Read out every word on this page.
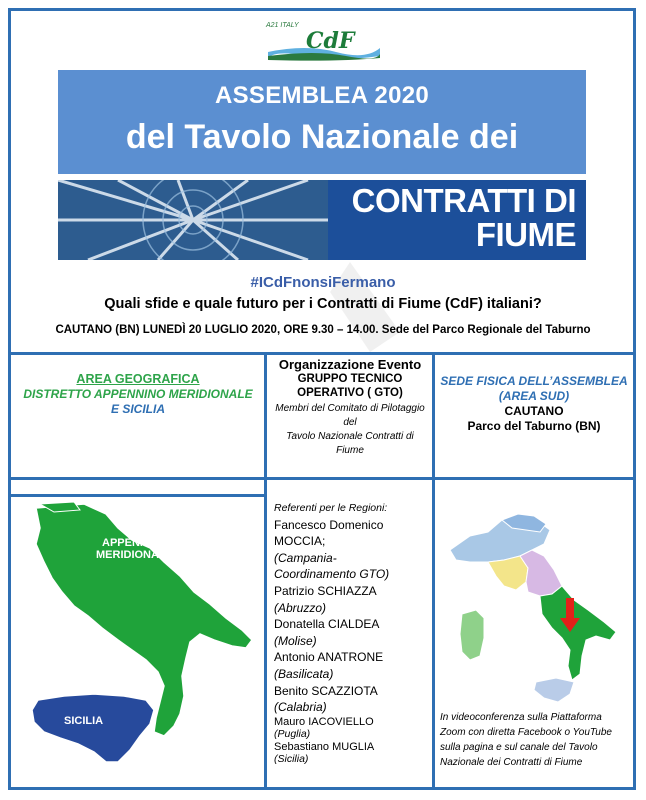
A21 ITALY
CdF
ASSEMBLEA 2020
del Tavolo Nazionale dei
CONTRATTI DI
FIUME
#ICdFnonsiFermano
Quali sfide e quale futuro per i Contratti di Fiume (CdF) italiani?
CAUTANO (BN) LUNEDÌ 20 LUGLIO 2020, ORE 9.30 – 14.00. Sede del Parco Regionale del Taburno
AREA GEOGRAFICA
DISTRETTO APPENNINO MERIDIONALE
E SICILIA
Organizzazione Evento
GRUPPO TECNICO
OPERATIVO ( GTO)
Membri del Comitato di Pilotaggio
del
Tavolo Nazionale Contratti di
Fiume
SEDE FISICA DELL’ASSEMBLEA
(AREA SUD)
CAUTANO
Parco del Taburno (BN)
APPENNINO
MERIDIONALE
SICILIA
Referenti per le Regioni:
Fancesco Domenico
MOCCIA;
(Campania-
Coordinamento GTO)
Patrizio SCHIAZZA
(Abruzzo)
Donatella CIALDEA
(Molise)
Antonio ANATRONE
(Basilicata)
Benito SCAZZIOTA
(Calabria)
Mauro IACOVIELLO
(Puglia)
Sebastiano MUGLIA
(Sicilia)
In videoconferenza sulla Piattaforma
Zoom con diretta Facebook o YouTube
sulla pagina e sul canale del Tavolo
Nazionale dei Contratti di Fiume
